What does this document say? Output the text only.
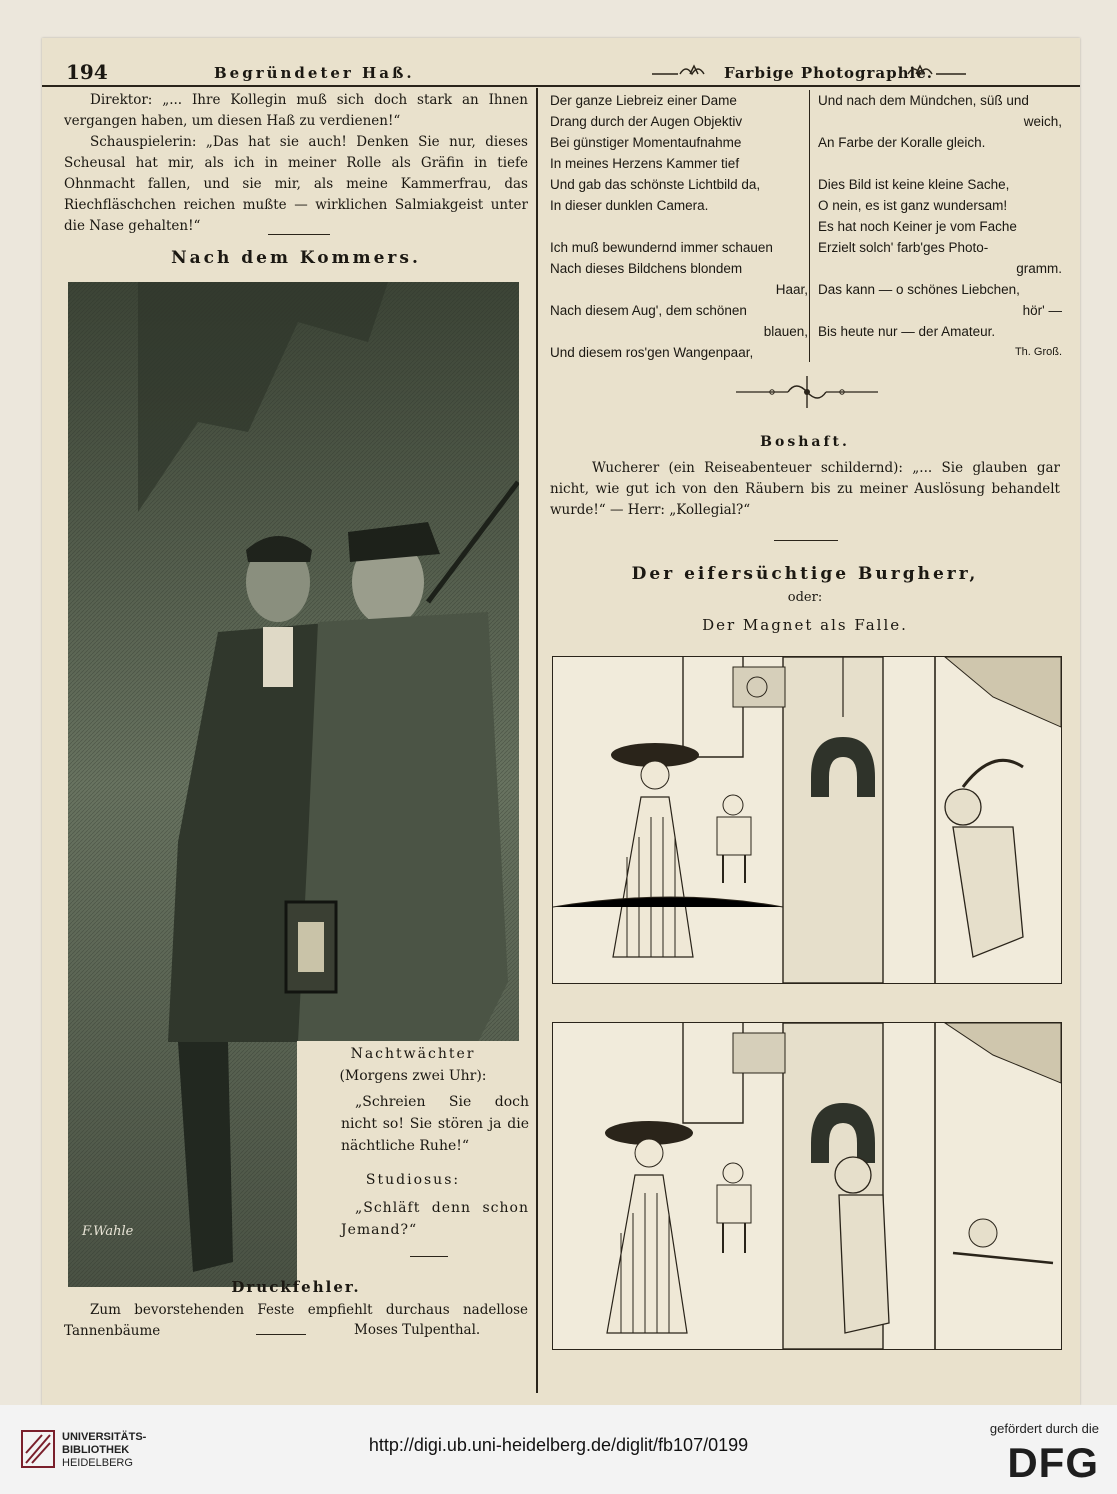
194	Begründeter Haß.	Farbige Photographie.
Direktor: „... Ihre Kollegin muß sich doch stark an Ihnen vergangen haben, um diesen Haß zu verdienen!“
Schauspielerin: „Das hat sie auch! Denken Sie nur, dieses Scheusal hat mir, als ich in meiner Rolle als Gräfin in tiefe Ohnmacht fallen, und sie mir, als meine Kammerfrau, das Riechfläschchen reichen mußte — wirklichen Salmiakgeist unter die Nase gehalten!“
Nach dem Kommers.
F.Wahle
Nachtwächter
(Morgens zwei Uhr):
„Schreien Sie doch nicht so! Sie stören ja die nächtliche Ruhe!“
Studiosus:
„Schläft denn schon Jemand?“
Druckfehler.
Zum bevorstehenden Feste empfiehlt durchaus nadellose Tannenbäume	Moses Tulpenthal.

Der ganze Liebreiz einer Dame

Drang durch der Augen Objektiv

Bei günstiger Momentaufnahme

In meines Herzens Kammer tief

Und gab das schönste Lichtbild da,

In dieser dunklen Camera.

Ich muß bewundernd immer schauen

Nach dieses Bildchens blondem

Haar,

Nach diesem Aug', dem schönen

blauen,

Und diesem ros'gen Wangenpaar,

Und nach dem Mündchen, süß und

weich,

An Farbe der Koralle gleich.

Dies Bild ist keine kleine Sache,

O nein, es ist ganz wundersam!

Es hat noch Keiner je vom Fache

Erzielt solch' farb'ges Photo-

gramm.

Das kann — o schönes Liebchen,

hör' —

Bis heute nur — der Amateur.

Th. Groß.

Boshaft.
Wucherer (ein Reiseabenteuer schildernd): „... Sie glauben gar nicht, wie gut ich von den Räubern bis zu meiner Auslösung behandelt wurde!“ — Herr: „Kollegial?“
Der eifersüchtige Burgherr,
oder:
Der Magnet als Falle.
UNIVERSITÄTS-
BIBLIOTHEK
HEIDELBERG
http://digi.ub.uni-heidelberg.de/diglit/fb107/0199
gefördert durch die
DFG
